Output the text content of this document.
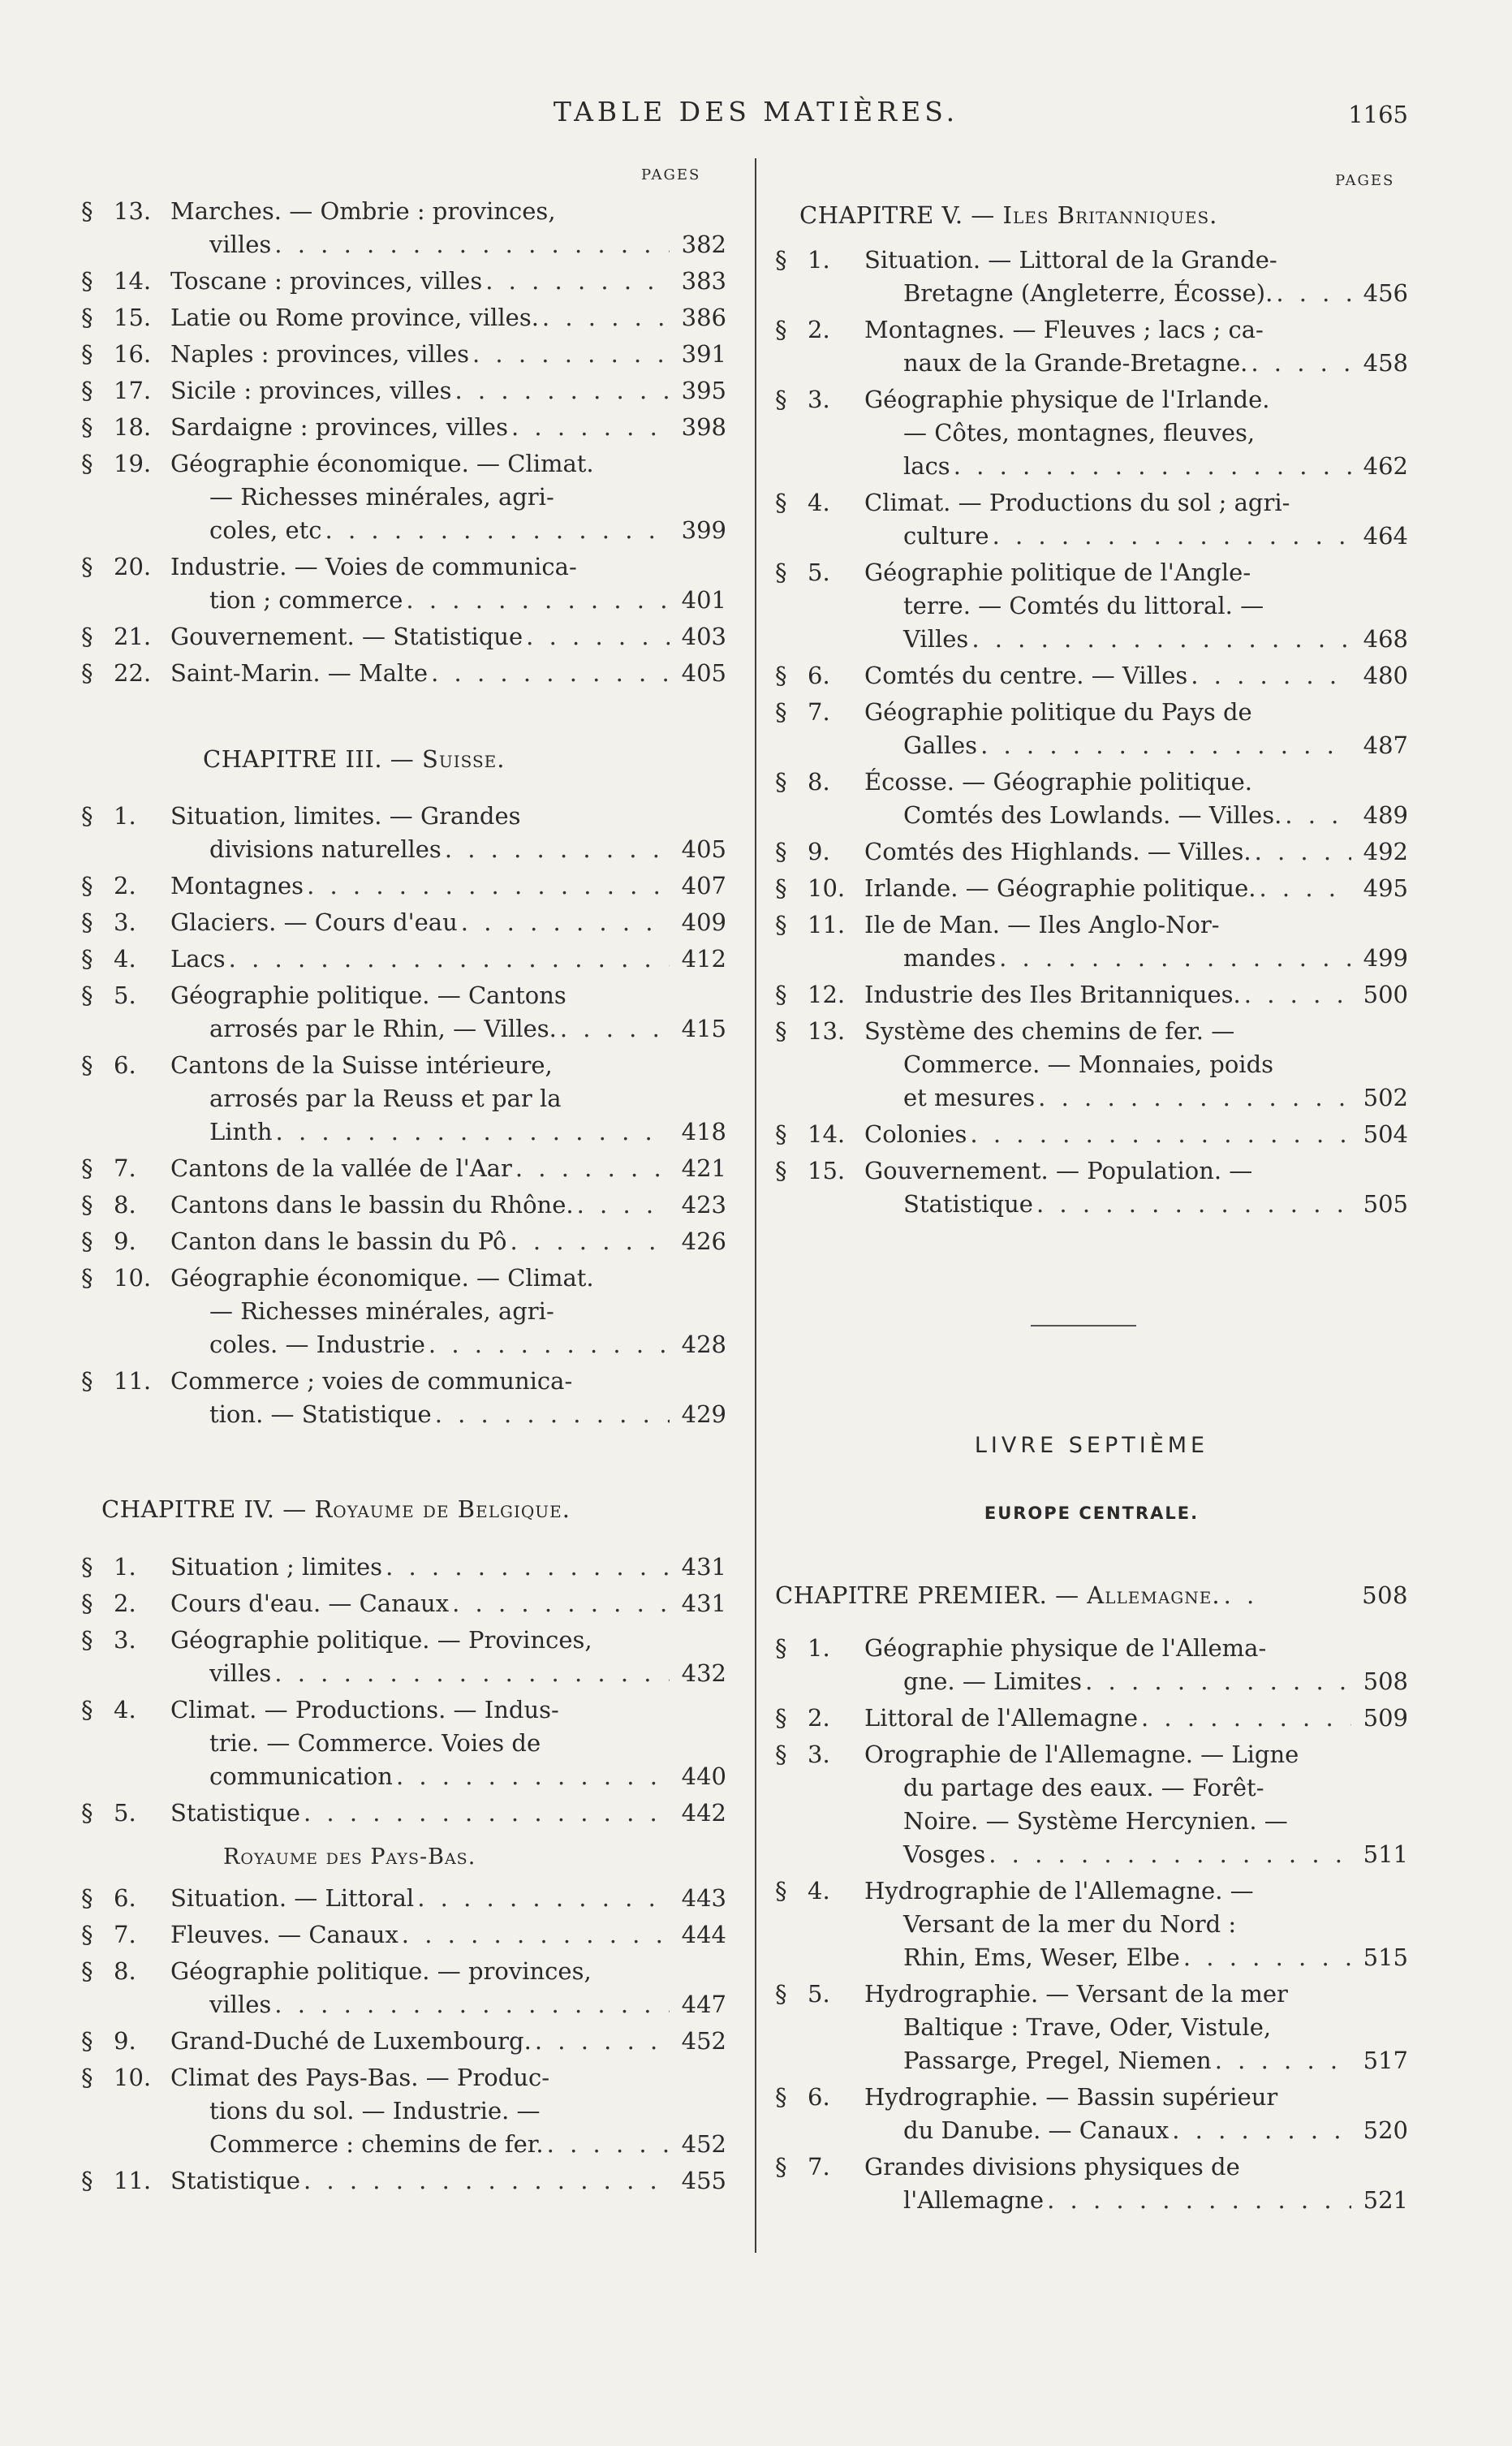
TABLE DES MATIÈRES.	1165
PAGES
§ 13. Marches. — Ombrie : provinces,
villes . . .	382
§ 14. Toscane : provinces, villes . . .	383
§ 15. Latie ou Rome province, villes. . . .	386
§ 16. Naples : provinces, villes . . .	391
§ 17. Sicile : provinces, villes . . .	395
§ 18. Sardaigne : provinces, villes . . .	398
§ 19. Géographie économique. — Climat.
— Richesses minérales, agri-
coles, etc . . .	399
§ 20. Industrie. — Voies de communica-
tion ; commerce . . .	401
§ 21. Gouvernement. — Statistique . . .	403
§ 22. Saint-Marin. — Malte . . .	405
CHAPITRE III. — Suisse.
§ 1.	Situation, limites. — Grandes
divisions naturelles . . .	405
§ 2.	Montagnes . . .	407
§ 3.	Glaciers. — Cours d'eau . . .	409
§ 4.	Lacs . . .	412
§ 5.	Géographie politique. — Cantons
arrosés par le Rhin, — Villes. . . .	415
§ 6.	Cantons de la Suisse intérieure,
arrosés par la Reuss et par la
Linth . . .	418
§ 7.	Cantons de la vallée de l'Aar . . .	421
§ 8.	Cantons dans le bassin du Rhône. . . .	423
§ 9.	Canton dans le bassin du Pô . . .	426
§ 10. Géographie économique. — Climat.
— Richesses minérales, agri-
coles. — Industrie . . .	428
§ 11. Commerce ; voies de communica-
tion. — Statistique . . .	429
CHAPITRE IV. — Royaume de Belgique.
§ 1.	Situation ; limites . . .	431
§ 2.	Cours d'eau. — Canaux . . .	431
§ 3.	Géographie politique. — Provinces,
villes . . .	432
§ 4.	Climat. — Productions. — Indus-
trie. — Commerce. Voies de
communication . . .	440
§ 5.	Statistique . . .	442
Royaume des Pays-Bas.
§ 6.	Situation. — Littoral . . .	443
§ 7.	Fleuves. — Canaux . . .	444
§ 8.	Géographie politique. — provinces,
villes . . .	447
§ 9.	Grand-Duché de Luxembourg. . . .	452
§ 10. Climat des Pays-Bas. — Produc-
tions du sol. — Industrie. —
Commerce : chemins de fer. . . .	452
§ 11. Statistique . . .	455
PAGES
CHAPITRE V. — Iles Britanniques.
§ 1.	Situation. — Littoral de la Grande-
Bretagne (Angleterre, Écosse). . . .	456
§ 2.	Montagnes. — Fleuves ; lacs ; ca-
naux de la Grande-Bretagne. . . .	458
§ 3.	Géographie physique de l'Irlande.
— Côtes, montagnes, fleuves,
lacs . . .	462
§ 4.	Climat. — Productions du sol ; agri-
culture . . .	464
§ 5.	Géographie politique de l'Angle-
terre. — Comtés du littoral. —
Villes . . .	468
§ 6.	Comtés du centre. — Villes . . .	480
§ 7.	Géographie politique du Pays de
Galles . . .	487
§ 8.	Écosse. — Géographie politique.
Comtés des Lowlands. — Villes. . . .	489
§ 9.	Comtés des Highlands. — Villes. . . .	492
§ 10. Irlande. — Géographie politique. . . .	495
§ 11. Ile de Man. — Iles Anglo-Nor-
mandes . . .	499
§ 12. Industrie des Iles Britanniques. . . .	500
§ 13. Système des chemins de fer. —
Commerce. — Monnaies, poids
et mesures . . .	502
§ 14. Colonies . . .	504
§ 15. Gouvernement. — Population. —
Statistique . . .	505
CHAPITRE PREMIER. — Allemagne. . . .	508
§ 1.	Géographie physique de l'Allema-
gne. — Limites . . .	508
§ 2.	Littoral de l'Allemagne . . .	509
§ 3.	Orographie de l'Allemagne. — Ligne
du partage des eaux. — Forêt-
Noire. — Système Hercynien. —
Vosges . . .	511
§ 4.	Hydrographie de l'Allemagne. —
Versant de la mer du Nord :
Rhin, Ems, Weser, Elbe . . .	515
§ 5.	Hydrographie. — Versant de la mer
Baltique : Trave, Oder, Vistule,
Passarge, Pregel, Niemen . . .	517
§ 6.	Hydrographie. — Bassin supérieur
du Danube. — Canaux . . .	520
§ 7.	Grandes divisions physiques de
l'Allemagne . . .	521
LIVRE SEPTIÈME
EUROPE CENTRALE.
